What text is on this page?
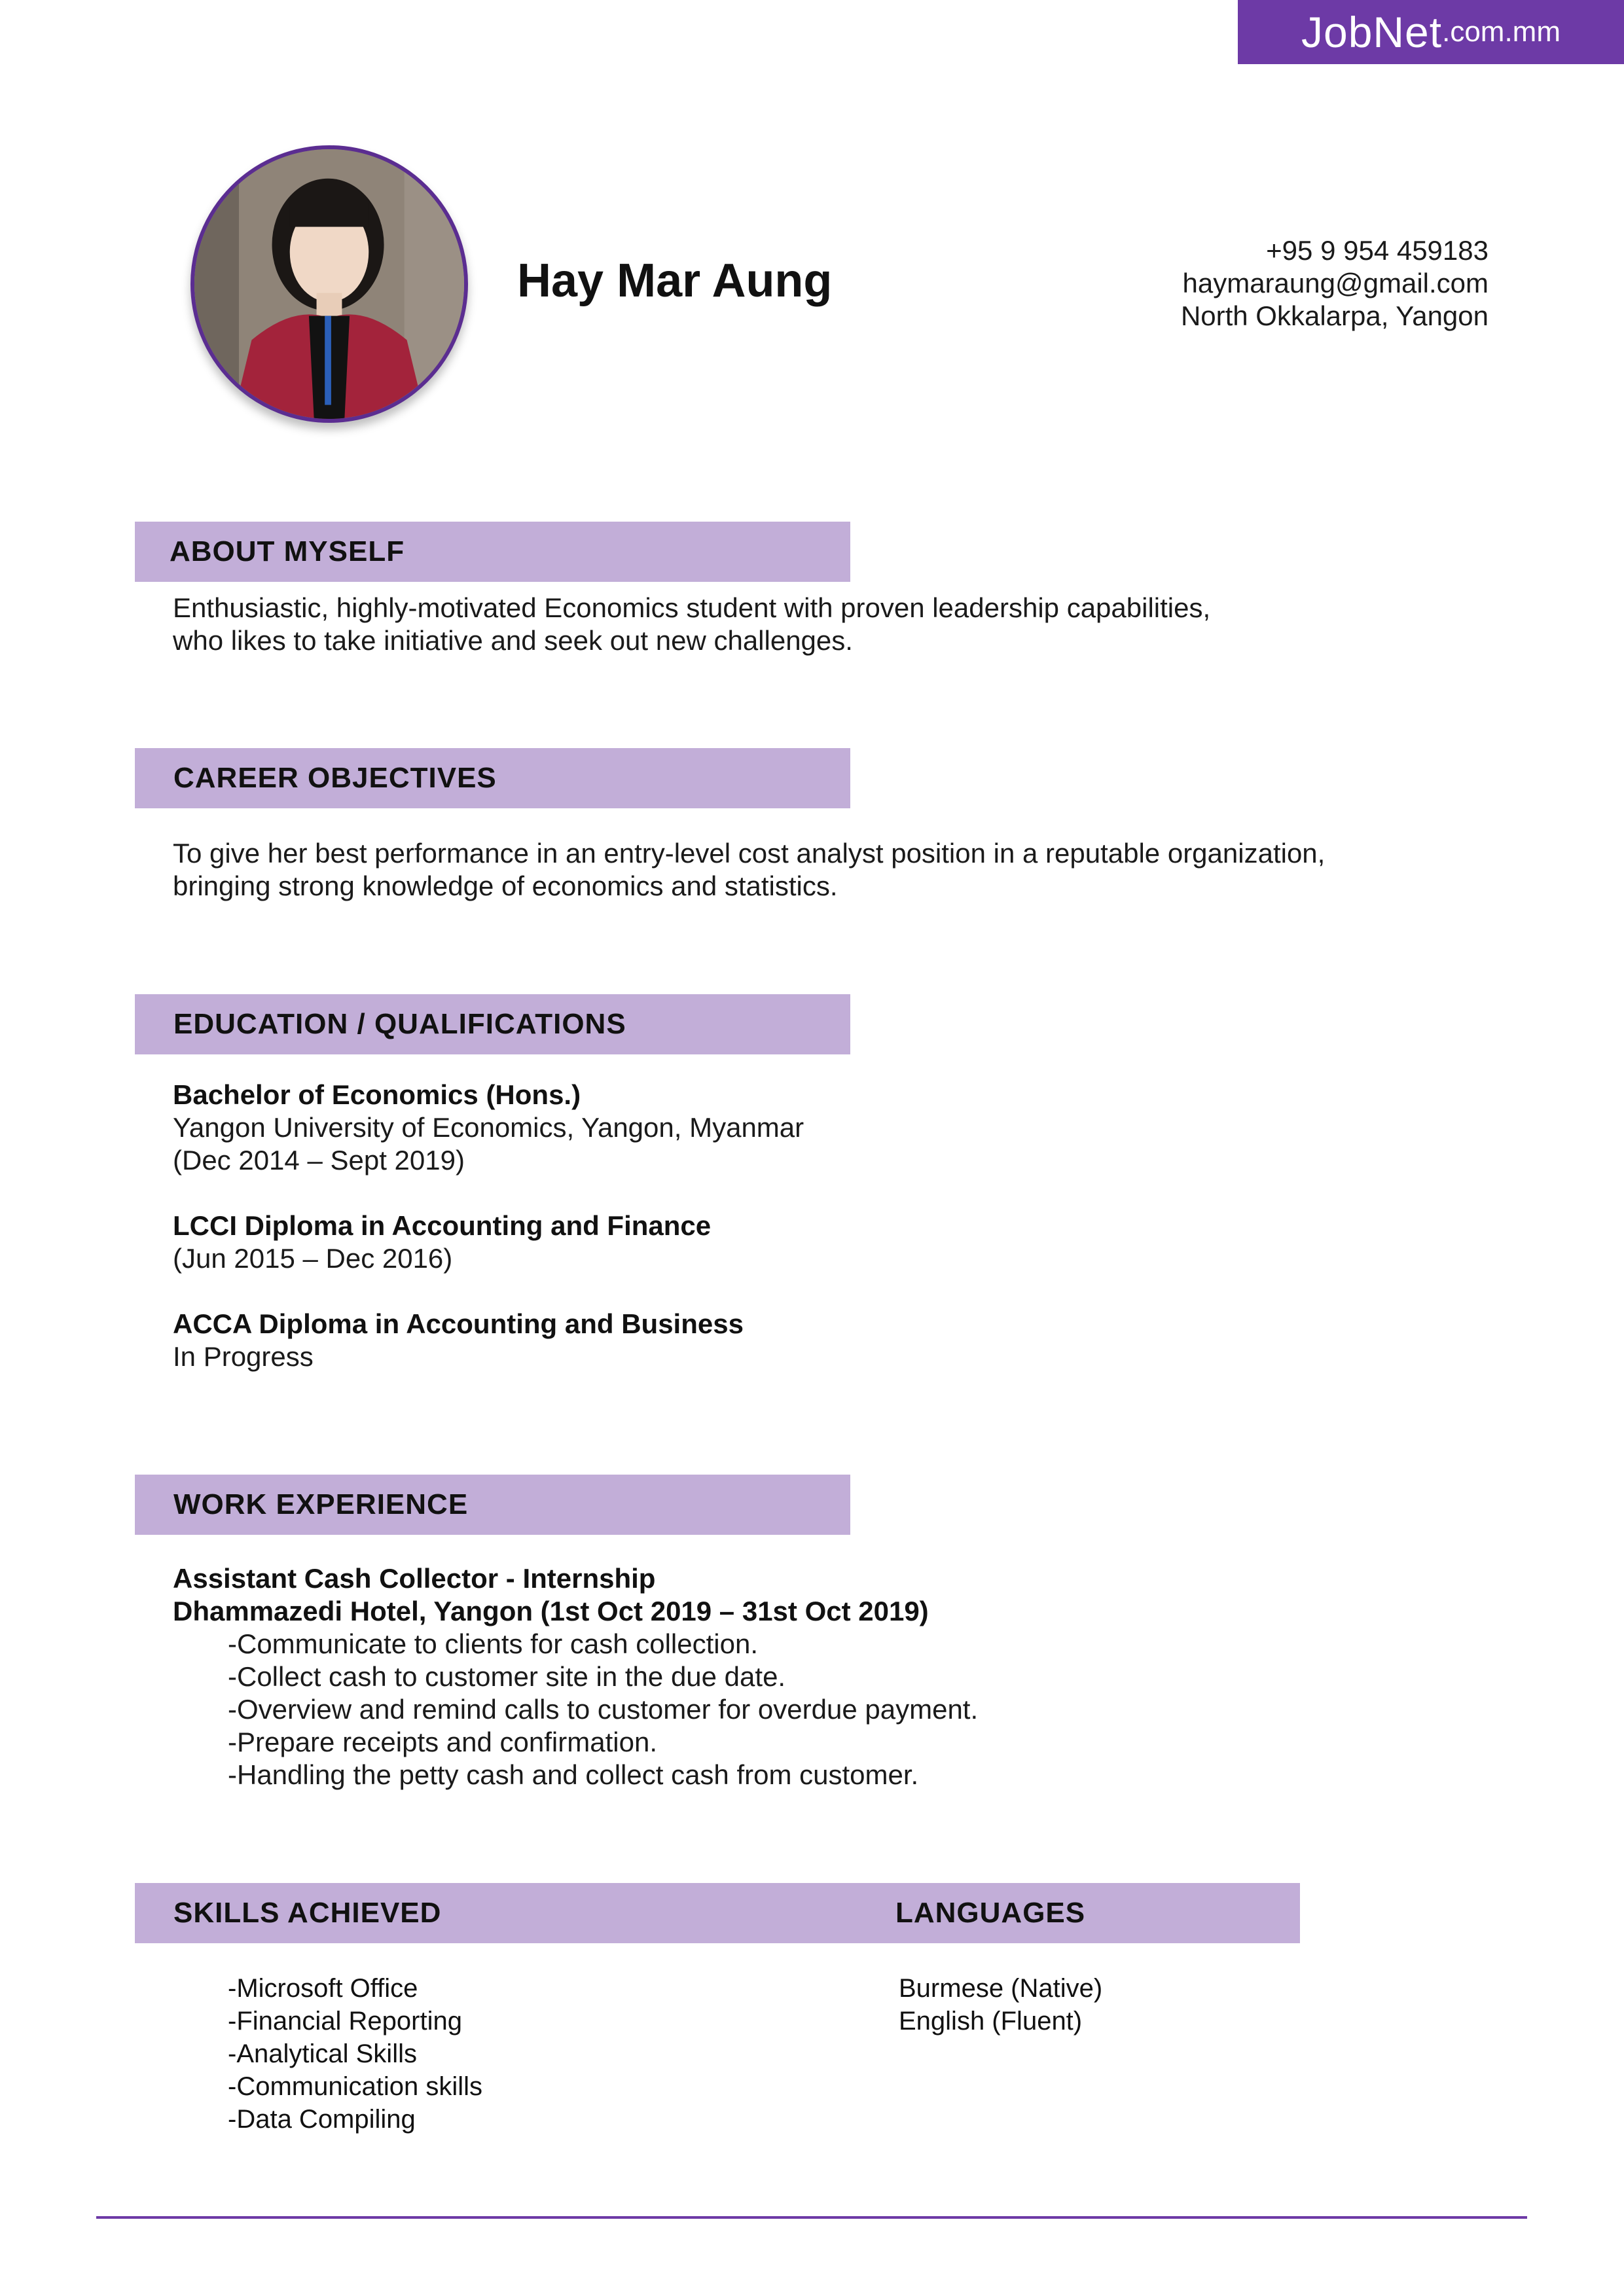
JobNet .com.mm
Hay Mar Aung
+95 9 954 459183
haymaraung@gmail.com
North Okkalarpa, Yangon
ABOUT MYSELF
Enthusiastic, highly-motivated Economics student with proven leadership capabilities,
who likes to take initiative and seek out new challenges.
CAREER OBJECTIVES
To give her best performance in an entry-level cost analyst position in a reputable organization,
bringing strong knowledge of economics and statistics.
EDUCATION / QUALIFICATIONS
Bachelor of Economics (Hons.)
Yangon University of Economics, Yangon, Myanmar
(Dec 2014 – Sept 2019)
LCCI Diploma in Accounting and Finance
(Jun 2015 – Dec 2016)
ACCA Diploma in Accounting and Business
In Progress
WORK EXPERIENCE
Assistant Cash Collector - Internship
Dhammazedi Hotel, Yangon (1st Oct 2019 – 31st Oct 2019)
-Communicate to clients for cash collection.
-Collect cash to customer site in the due date.
-Overview and remind calls to customer for overdue payment.
-Prepare receipts and confirmation.
-Handling the petty cash and collect cash from customer.
SKILLS ACHIEVED	LANGUAGES
-Microsoft Office
-Financial Reporting
-Analytical Skills
-Communication skills
-Data Compiling
Burmese (Native)
English (Fluent)
